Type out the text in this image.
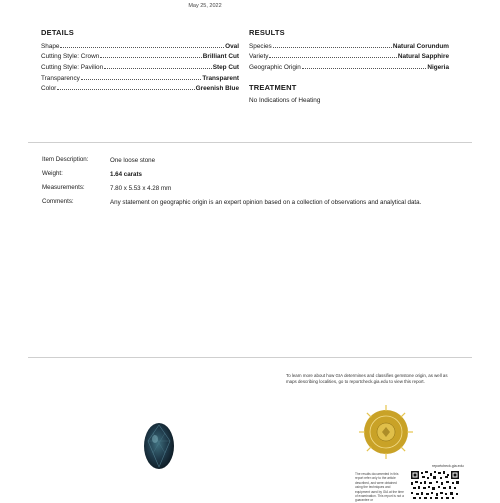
May 25, 2022
DETAILS
Shape	Oval
Cutting Style: Crown	Brilliant Cut
Cutting Style: Pavilion	Step Cut
Transparency	Transparent
Color	Greenish Blue
RESULTS
Species	Natural Corundum
Variety	Natural Sapphire
Geographic Origin	Nigeria
TREATMENT
No Indications of Heating
Item Description:	One loose stone
Weight:	1.64 carats
Measurements:	7.80 x 5.53 x 4.28 mm
Comments:	Any statement on geographic origin is an expert opinion based on a collection of observations and analytical data.
To learn more about how GIA determines and classifies gemstone origin, as well as maps describing localities, go to reportcheck.gia.edu to view this report.
reportcheck.gia.edu
The results documented in this report refer only to the article described, and were obtained using the techniques and equipment used by GIA at the time of examination. This report is not a guarantee or
